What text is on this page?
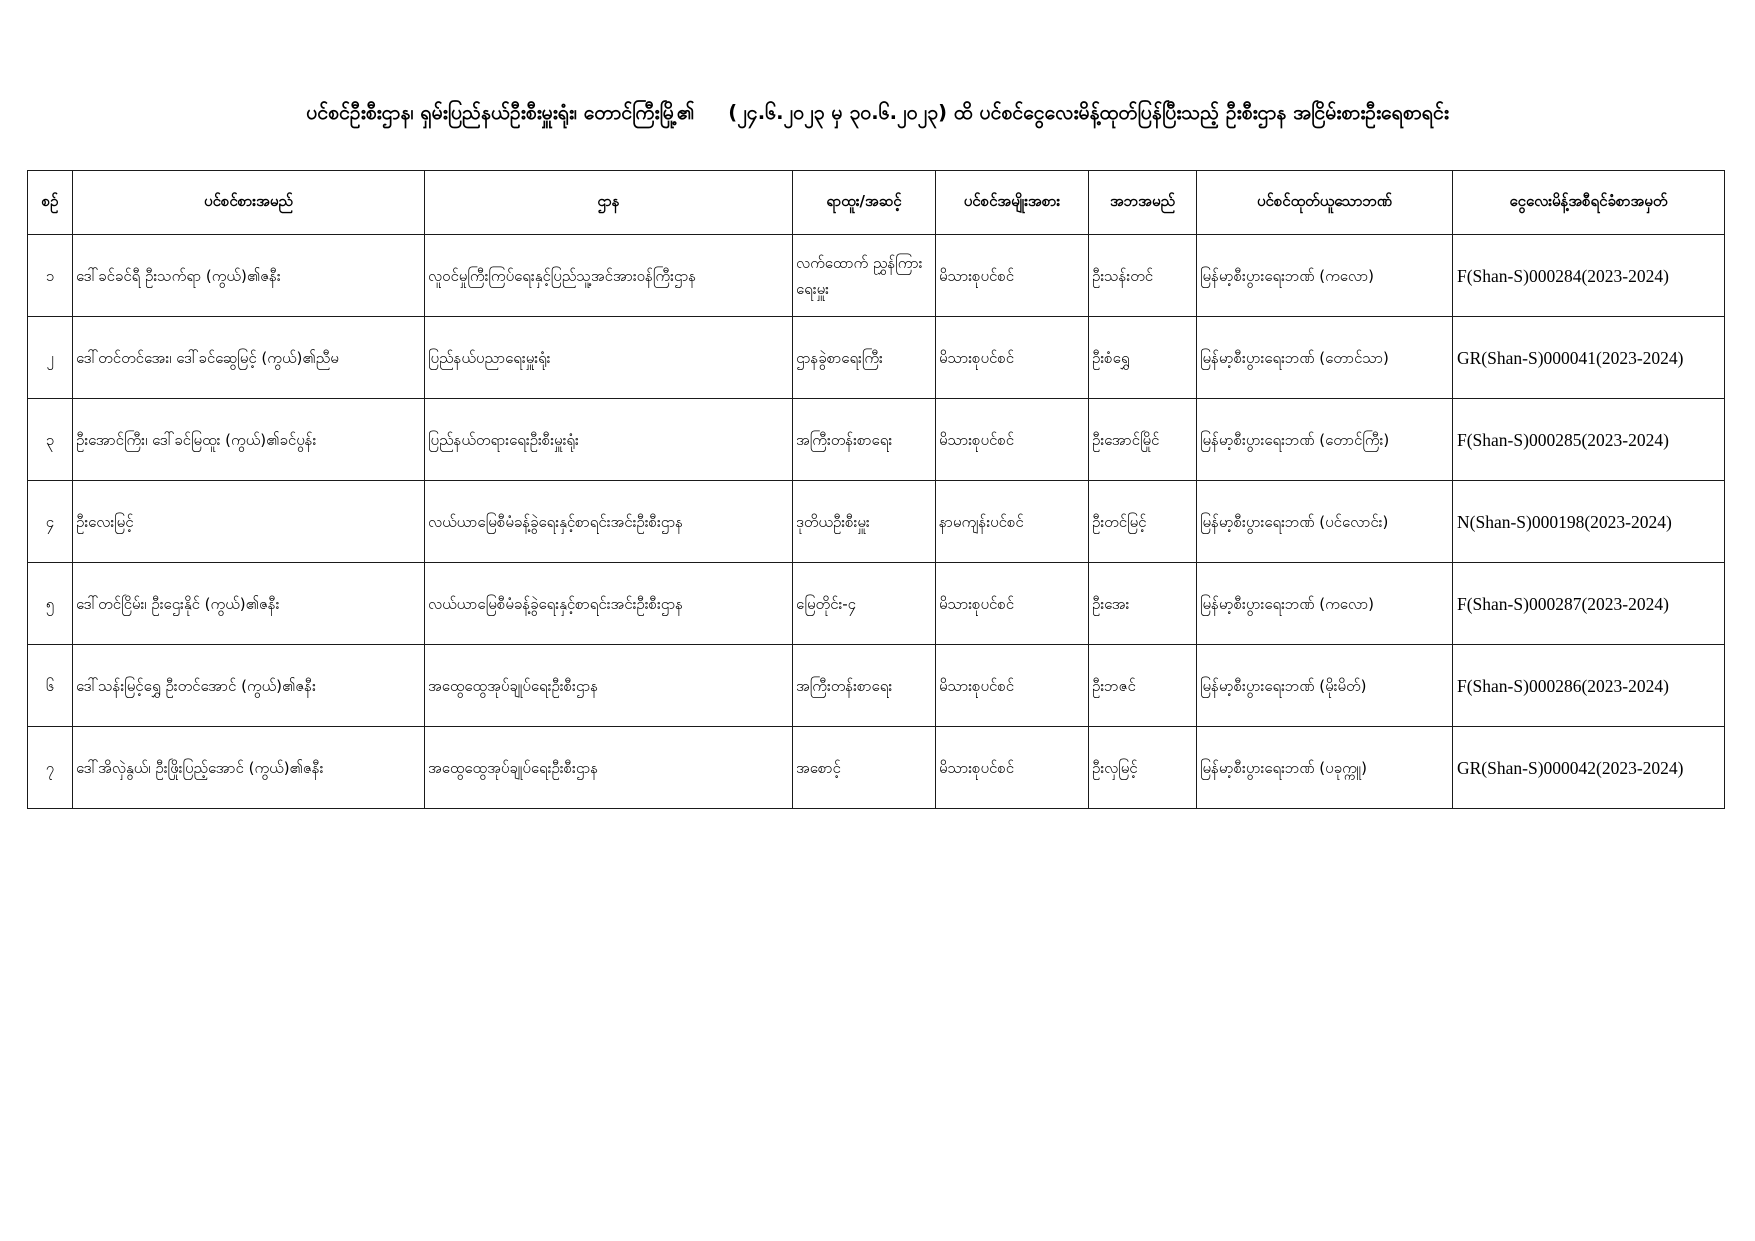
ပင်စင်ဦးစီးဌာန၊ ရှမ်းပြည်နယ်ဦးစီးမှူးရုံး၊ တောင်ကြီးမြို့၏ (၂၄.၆.၂၀၂၃ မှ ၃၀.၆.၂၀၂၃) ထိ ပင်စင်ငွေလေးမိန့်ထုတ်ပြန်ပြီးသည့် ဦးစီးဌာန အငြိမ်းစားဦးရေစာရင်း
စဉ်	ပင်စင်စားအမည်	ဌာန	ရာထူး/အဆင့်	ပင်စင်အမျိုးအစား	အဘအမည်	ပင်စင်ထုတ်ယူသောဘဏ်	ငွေလေးမိန့်အစီရင်ခံစာအမှတ်
၁	ဒေါ်ခင်ခင်ရီ ဦးသက်ရာ (ကွယ်)၏ဇနီး	လူဝင်မှုကြီးကြပ်ရေးနှင့်ပြည်သူ့အင်အားဝန်ကြီးဌာန	လက်ထောက် ညွှန်ကြားရေးမှူး	မိသားစုပင်စင်	ဦးသန်းတင်	မြန်မာ့စီးပွားရေးဘဏ် (ကလော)	F(Shan-S)000284(2023-2024)
၂	ဒေါ်တင်တင်အေး၊ ဒေါ်ခင်ဆွေမြင့် (ကွယ်)၏ညီမ	ပြည်နယ်ပညာရေးမှူးရုံး	ဌာနခွဲစာရေးကြီး	မိသားစုပင်စင်	ဦးစံရွှေ	မြန်မာ့စီးပွားရေးဘဏ် (တောင်သာ)	GR(Shan-S)000041(2023-2024)
၃	ဦးအောင်ကြီး၊ ဒေါ်ခင်မြထူး (ကွယ်)၏ခင်ပွန်း	ပြည်နယ်တရားရေးဦးစီးမှူးရုံး	အကြီးတန်းစာရေး	မိသားစုပင်စင်	ဦးအောင်မြိုင်	မြန်မာ့စီးပွားရေးဘဏ် (တောင်ကြီး)	F(Shan-S)000285(2023-2024)
၄	ဦးလေးမြင့်	လယ်ယာမြေစီမံခန့်ခွဲရေးနှင့်စာရင်းအင်းဦးစီးဌာန	ဒုတိယဦးစီးမှူး	နာမကျန်းပင်စင်	ဦးတင်မြင့်	မြန်မာ့စီးပွားရေးဘဏ် (ပင်လောင်း)	N(Shan-S)000198(2023-2024)
၅	ဒေါ်တင်ငြိမ်း၊ ဦးဌေးနိုင် (ကွယ်)၏ဇနီး	လယ်ယာမြေစီမံခန့်ခွဲရေးနှင့်စာရင်းအင်းဦးစီးဌာန	မြေတိုင်း-၄	မိသားစုပင်စင်	ဦးအေး	မြန်မာ့စီးပွားရေးဘဏ် (ကလော)	F(Shan-S)000287(2023-2024)
၆	ဒေါ်သန်းမြင့်ရွှေ ဦးတင်အောင် (ကွယ်)၏ဇနီး	အထွေထွေအုပ်ချုပ်ရေးဦးစီးဌာန	အကြီးတန်းစာရေး	မိသားစုပင်စင်	ဦးဘဇင်	မြန်မာ့စီးပွားရေးဘဏ် (မိုးမိတ်)	F(Shan-S)000286(2023-2024)
၇	ဒေါ်အိလှဲနွယ်၊ ဦးဖြိုးပြည့်အောင် (ကွယ်)၏ဇနီး	အထွေထွေအုပ်ချုပ်ရေးဦးစီးဌာန	အစောင့်	မိသားစုပင်စင်	ဦးလှမြင့်	မြန်မာ့စီးပွားရေးဘဏ် (ပခုက္ကူ)	GR(Shan-S)000042(2023-2024)
